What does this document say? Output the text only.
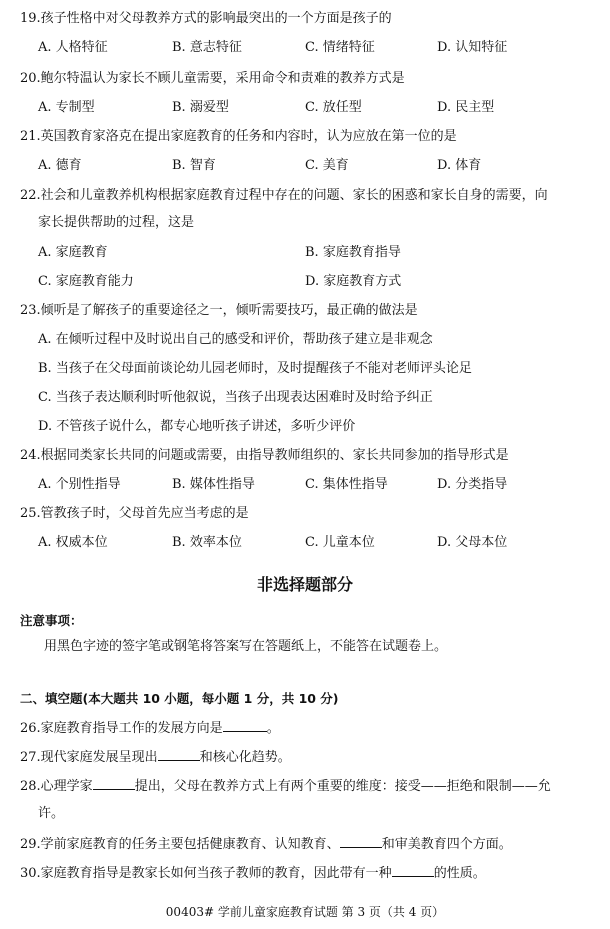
19.孩子性格中对父母教养方式的影响最突出的一个方面是孩子的
A. 人格特征	B. 意志特征	C. 情绪特征	D. 认知特征
20.鲍尔特温认为家长不顾儿童需要，采用命令和责难的教养方式是
A. 专制型	B. 溺爱型	C. 放任型	D. 民主型
21.英国教育家洛克在提出家庭教育的任务和内容时，认为应放在第一位的是
A. 德育	B. 智育	C. 美育	D. 体育
22.社会和儿童教养机构根据家庭教育过程中存在的问题、家长的困惑和家长自身的需要，向
家长提供帮助的过程，这是
A. 家庭教育	B. 家庭教育指导
C. 家庭教育能力	D. 家庭教育方式
23.倾听是了解孩子的重要途径之一，倾听需要技巧，最正确的做法是
A. 在倾听过程中及时说出自己的感受和评价，帮助孩子建立是非观念
B. 当孩子在父母面前谈论幼儿园老师时，及时提醒孩子不能对老师评头论足
C. 当孩子表达顺利时听他叙说，当孩子出现表达困难时及时给予纠正
D. 不管孩子说什么，都专心地听孩子讲述，多听少评价
24.根据同类家长共同的问题或需要，由指导教师组织的、家长共同参加的指导形式是
A. 个别性指导	B. 媒体性指导	C. 集体性指导	D. 分类指导
25.管教孩子时，父母首先应当考虑的是
A. 权威本位	B. 效率本位	C. 儿童本位	D. 父母本位
非选择题部分
注意事项：
用黑色字迹的签字笔或钢笔将答案写在答题纸上，不能答在试题卷上。
二、填空题(本大题共 10 小题，每小题 1 分，共 10 分)
26.家庭教育指导工作的发展方向是	。
27.现代家庭发展呈现出	和核心化趋势。
28.心理学家	提出，父母在教养方式上有两个重要的维度：接受——拒绝和限制——允
许。
29.学前家庭教育的任务主要包括健康教育、认知教育、	和审美教育四个方面。
30.家庭教育指导是教家长如何当孩子教师的教育，因此带有一种	的性质。
00403# 学前儿童家庭教育试题 第 3 页（共 4 页）
